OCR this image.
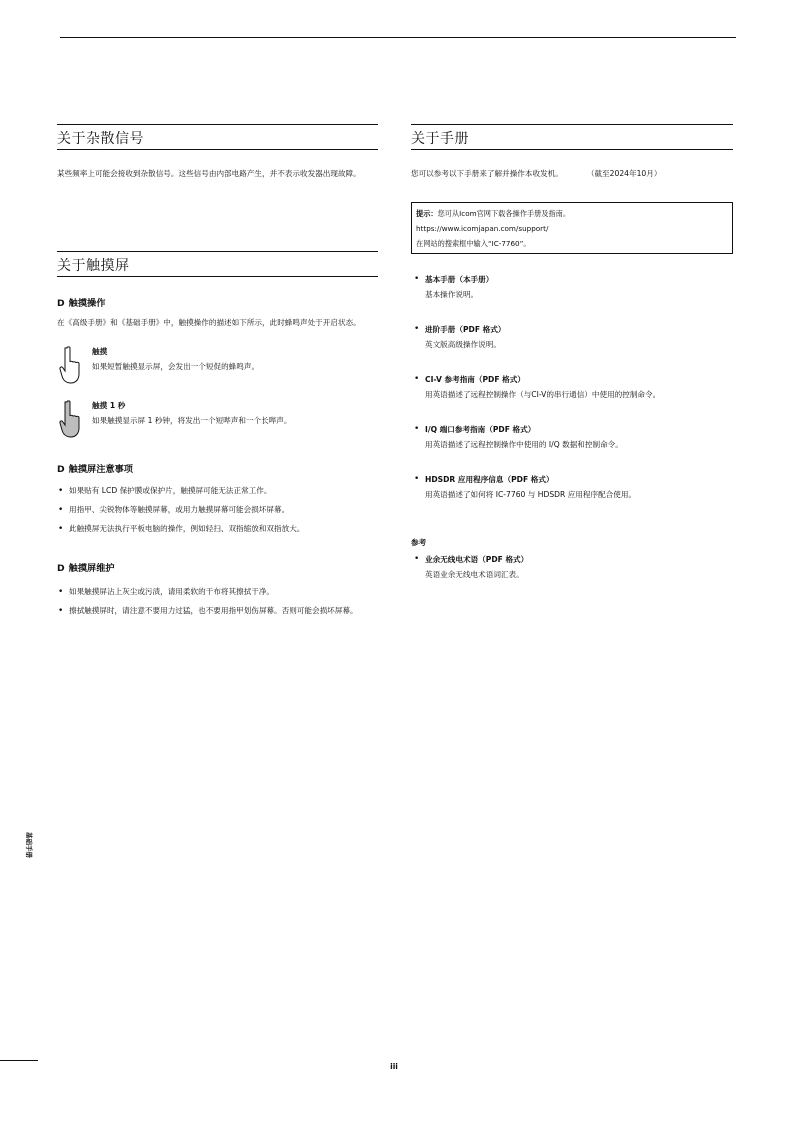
关于杂散信号
某些频率上可能会接收到杂散信号。这些信号由内部电路产生，并不表示收发器出现故障。
关于触摸屏
D 触摸操作
在《高级手册》和《基础手册》中，触摸操作的描述如下所示，此时蜂鸣声处于开启状态。
触摸
如果短暂触摸显示屏，会发出一个短促的蜂鸣声。
触摸 1 秒
如果触摸显示屏 1 秒钟，将发出一个短哔声和一个长哔声。
D 触摸屏注意事项
• 如果贴有 LCD 保护膜或保护片，触摸屏可能无法正常工作。
• 用指甲、尖锐物体等触摸屏幕，或用力触摸屏幕可能会损坏屏幕。
• 此触摸屏无法执行平板电脑的操作，例如轻扫、双指缩放和双指放大。
D 触摸屏维护
• 如果触摸屏沾上灰尘或污渍，请用柔软的干布将其擦拭干净。
• 擦拭触摸屏时，请注意不要用力过猛，也不要用指甲划伤屏幕。否则可能会损坏屏幕。
关于手册
您可以参考以下手册来了解并操作本收发机。	（截至2024年10月）
提示：您可从Icom官网下载各操作手册及指南。
https://www.icomjapan.com/support/
在网站的搜索框中输入“IC-7760”。
• 基本手册（本手册）
基本操作说明。
• 进阶手册（PDF 格式）
英文版高级操作说明。
• CI-V 参考指南（PDF 格式）
用英语描述了远程控制操作（与CI-V的串行通信）中使用的控制命令。
• I/Q 端口参考指南（PDF 格式）
用英语描述了远程控制操作中使用的 I/Q 数据和控制命令。
• HDSDR 应用程序信息（PDF 格式）
用英语描述了如何将 IC-7760 与 HDSDR 应用程序配合使用。
参考
• 业余无线电术语（PDF 格式）
英语业余无线电术语词汇表。
基础手册
iii
